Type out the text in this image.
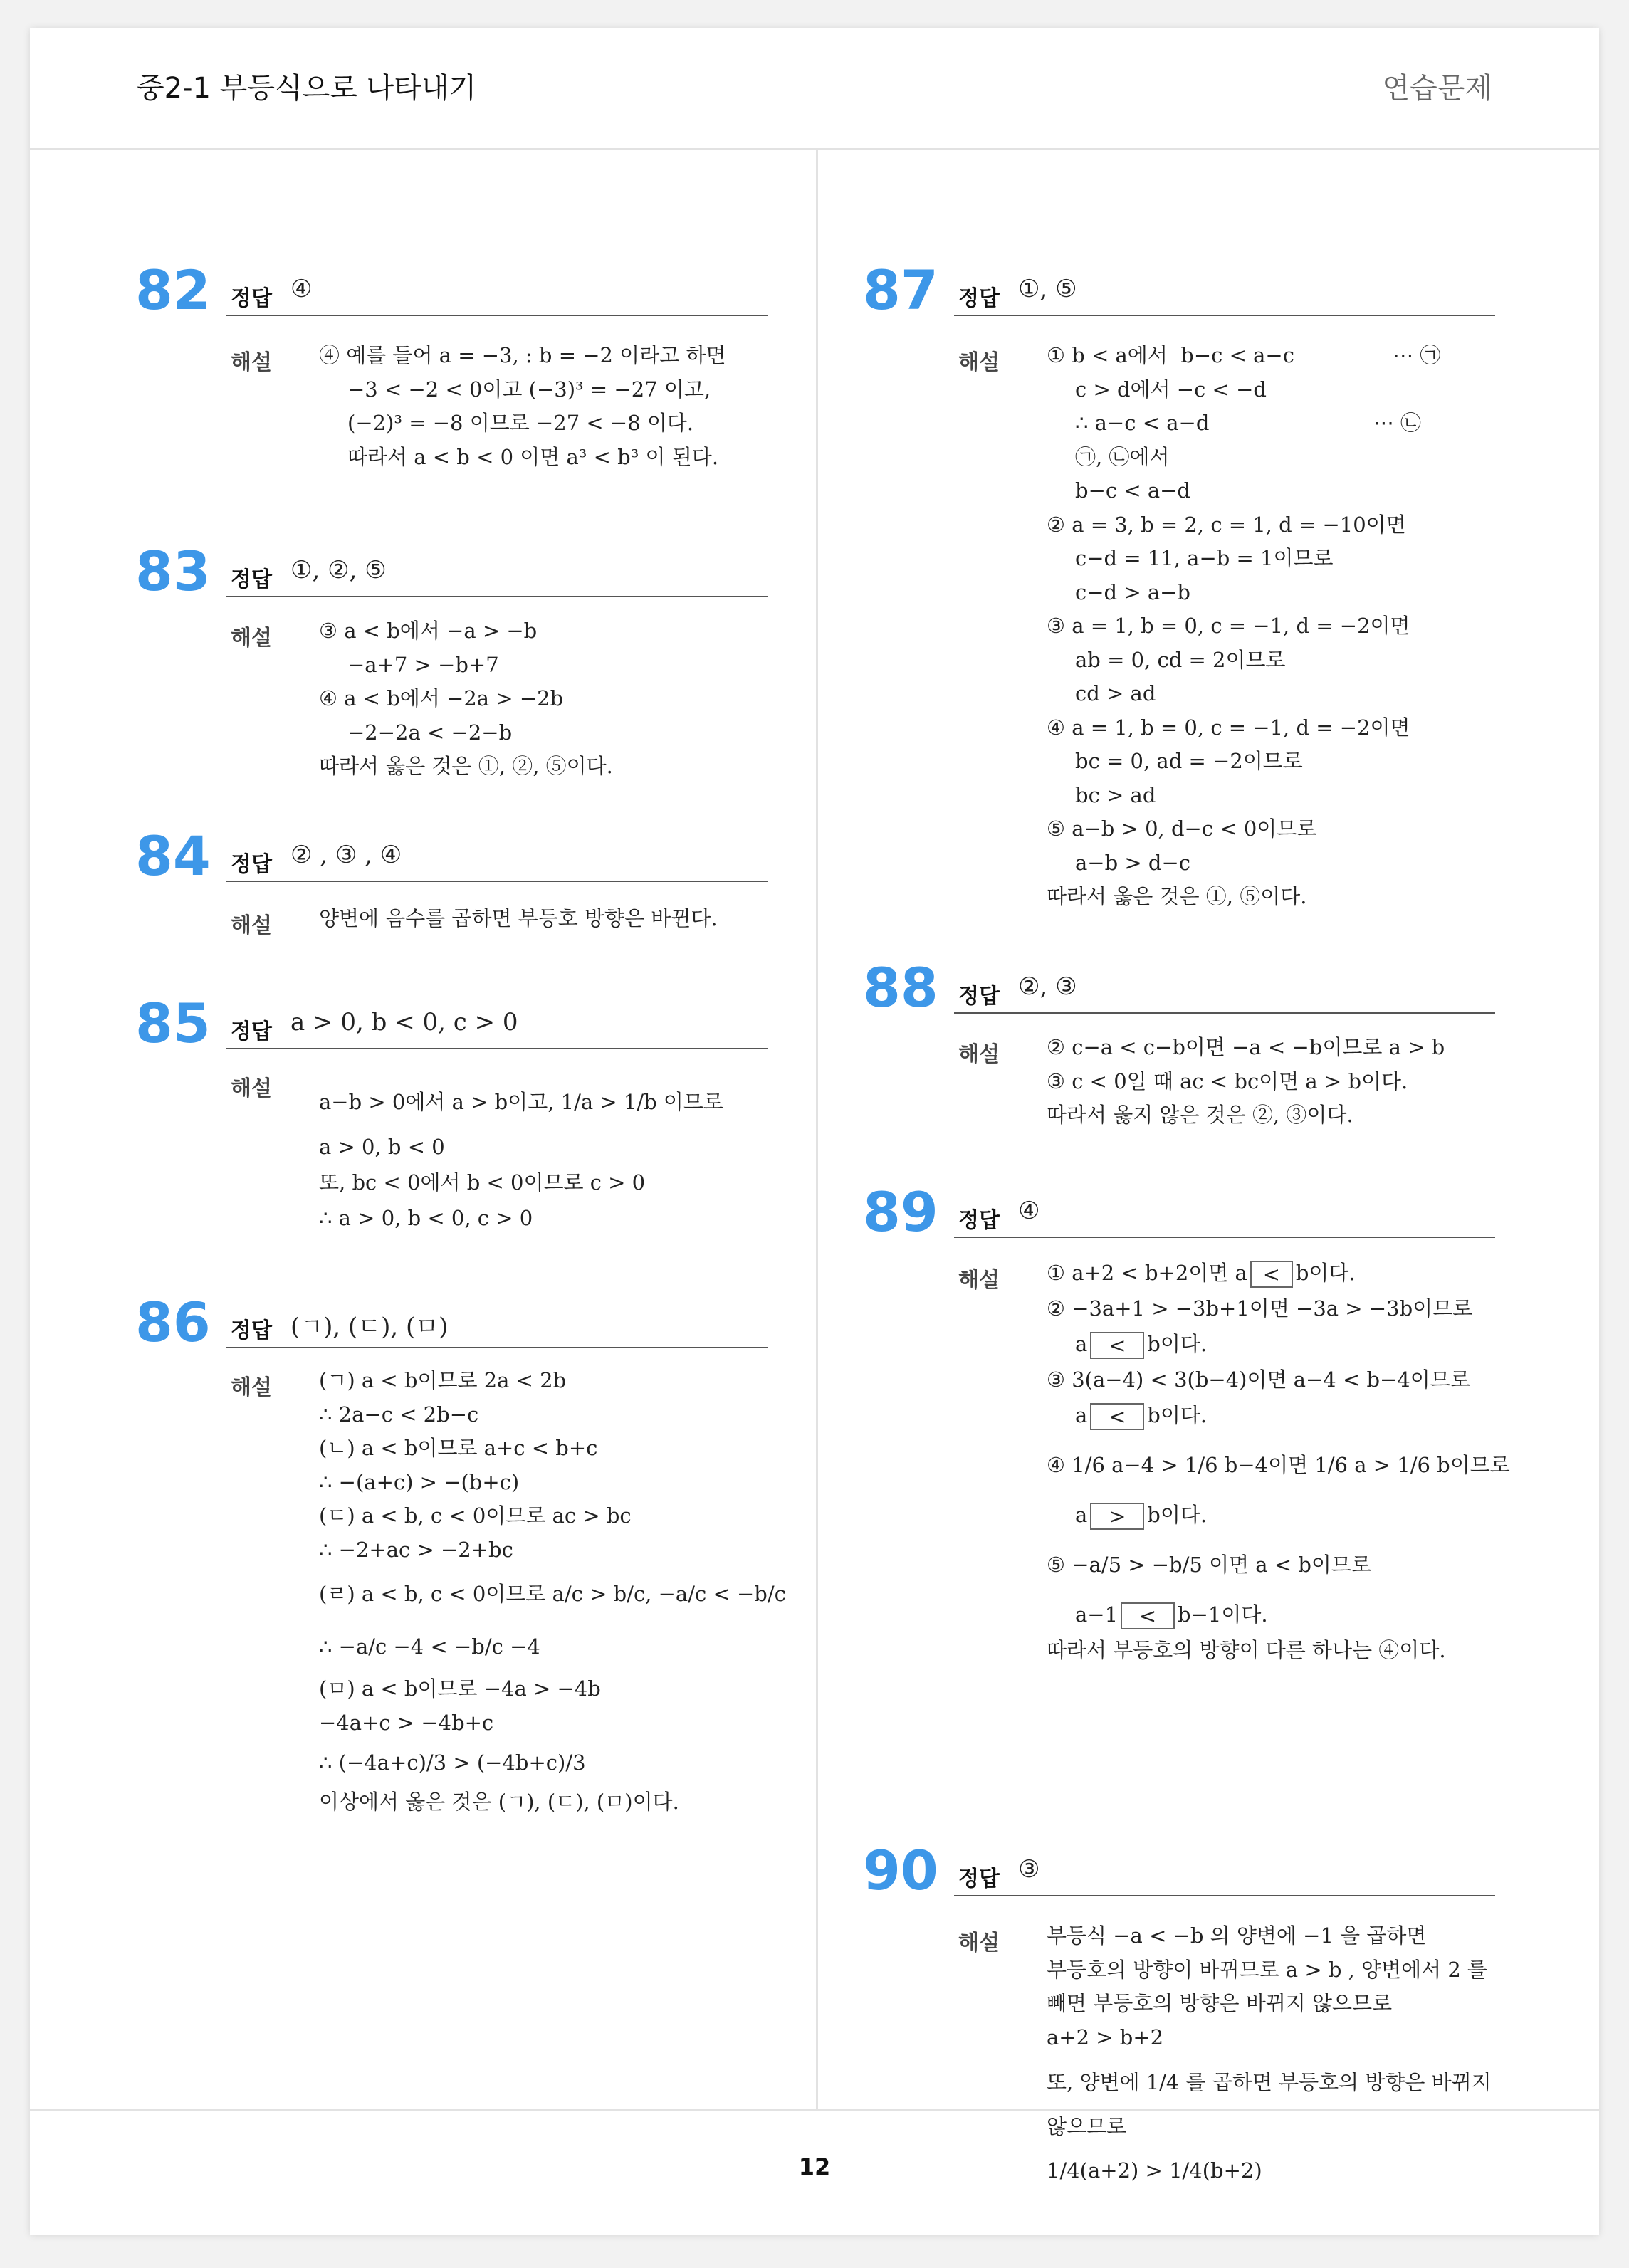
중2-1 부등식으로 나타내기	연습문제
82 정답 ④
해설 ④ 예를 들어 a = −3, : b = −2 이라고 하면
−3 < −2 < 0이고 (−3)³ = −27 이고,
(−2)³ = −8 이므로 −27 < −8 이다.
따라서 a < b < 0 이면 a³ < b³ 이 된다.
83 정답 ①, ②, ⑤
해설 ③ a < b에서 −a > −b
−a+7 > −b+7
④ a < b에서 −2a > −2b
−2−2a < −2−b
따라서 옳은 것은 ①, ②, ⑤이다.
84 정답 ② , ③ , ④
해설 양변에 음수를 곱하면 부등호 방향은 바뀐다.
85 정답 a > 0, b < 0, c > 0
해설
a−b > 0에서 a > b이고, 1/a > 1/b 이므로
a > 0, b < 0
또, bc < 0에서 b < 0이므로 c > 0
∴ a > 0, b < 0, c > 0
86 정답 (ㄱ), (ㄷ), (ㅁ)
해설 (ㄱ) a < b이므로 2a < 2b
∴ 2a−c < 2b−c
(ㄴ) a < b이므로 a+c < b+c
∴ −(a+c) > −(b+c)
(ㄷ) a < b, c < 0이므로 ac > bc
∴ −2+ac > −2+bc
(ㄹ) a < b, c < 0이므로 a/c > b/c, −a/c < −b/c
∴ −a/c −4 < −b/c −4
(ㅁ) a < b이므로 −4a > −4b
−4a+c > −4b+c
∴ (−4a+c)/3 > (−4b+c)/3
이상에서 옳은 것은 (ㄱ), (ㄷ), (ㅁ)이다.
87 정답 ①, ⑤
해설 ① b < a에서  b−c < a−c               ⋯ ㉠
c > d에서 −c < −d
∴ a−c < a−d                         ⋯ ㉡
㉠, ㉡에서
b−c < a−d
② a = 3, b = 2, c = 1, d = −10이면
c−d = 11, a−b = 1이므로
c−d > a−b
③ a = 1, b = 0, c = −1, d = −2이면
ab = 0, cd = 2이므로
cd > ad
④ a = 1, b = 0, c = −1, d = −2이면
bc = 0, ad = −2이므로
bc > ad
⑤ a−b > 0, d−c < 0이므로
a−b > d−c
따라서 옳은 것은 ①, ⑤이다.
88 정답 ②, ③
해설 ② c−a < c−b이면 −a < −b이므로 a > b
③ c < 0일 때 ac < bc이면 a > b이다.
따라서 옳지 않은 것은 ②, ③이다.
89 정답 ④
해설 ① a+2 < b+2이면 a < b이다.
② −3a+1 > −3b+1이면 −3a > −3b이므로
a < b이다.
③ 3(a−4) < 3(b−4)이면 a−4 < b−4이므로
a < b이다.
④ 1/6 a−4 > 1/6 b−4이면 1/6 a > 1/6 b이므로
a > b이다.
⑤ −a/5 > −b/5 이면 a < b이므로
a−1 < b−1이다.
따라서 부등호의 방향이 다른 하나는 ④이다.
90 정답 ③
해설 부등식 −a < −b 의 양변에 −1 을 곱하면
부등호의 방향이 바뀌므로 a > b , 양변에서 2 를
빼면 부등호의 방향은 바뀌지 않으므로
a+2 > b+2
또, 양변에 1/4 를 곱하면 부등호의 방향은 바뀌지
않으므로
1/4(a+2) > 1/4(b+2)
12
